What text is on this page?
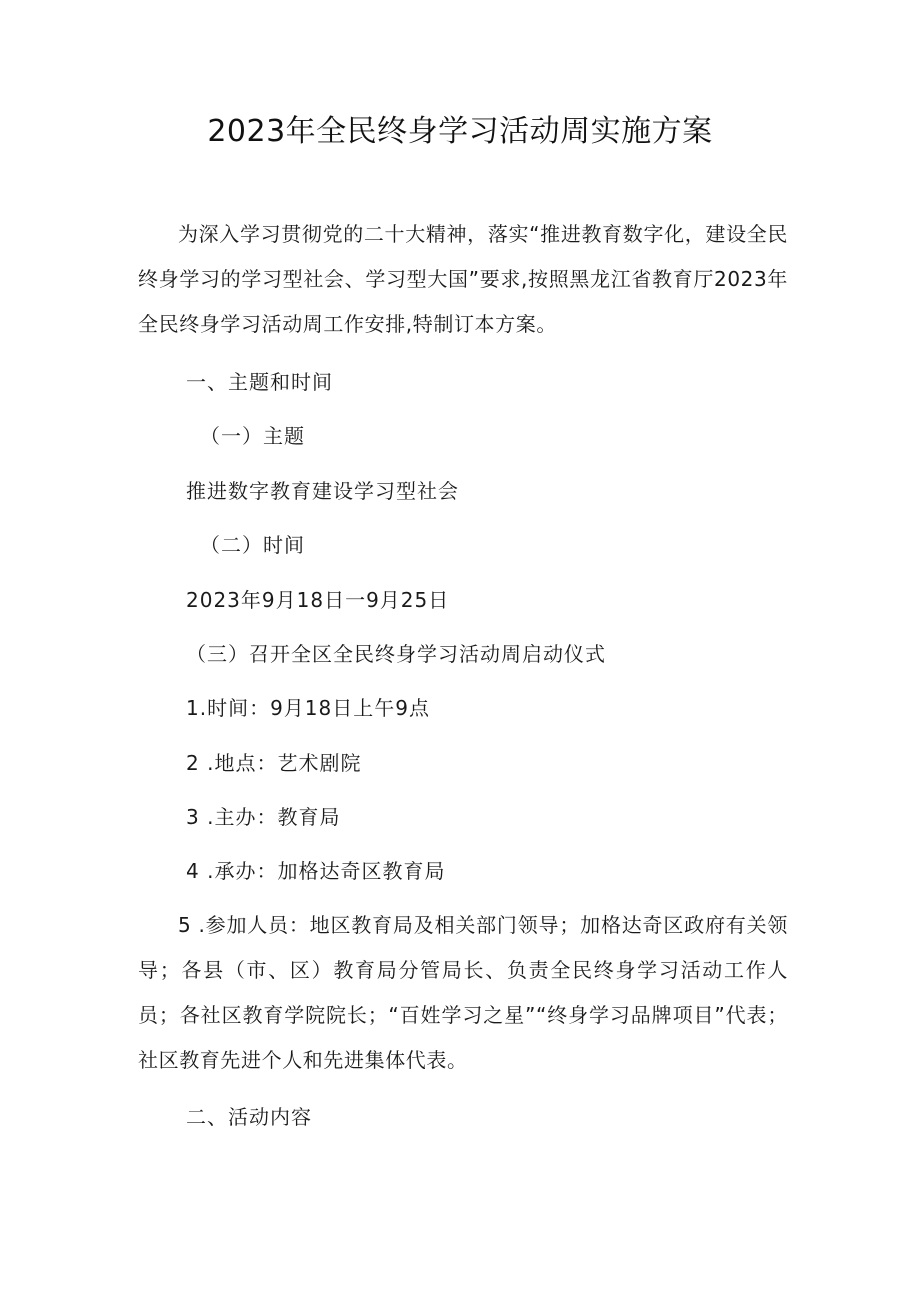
2023年全民终身学习活动周实施方案
为深入学习贯彻党的二十大精神，落实“推进教育数字化，建设全民终身学习的学习型社会、学习型大国”要求,按照黑龙江省教育厅2023年全民终身学习活动周工作安排,特制订本方案。
一、主题和时间
（一）主题
推进数字教育建设学习型社会
（二）时间
2023年9月18日一9月25日
（三）召开全区全民终身学习活动周启动仪式
1.时间：9月18日上午9点
2 .地点：艺术剧院
3 .主办：教育局
4 .承办：加格达奇区教育局
5 .参加人员：地区教育局及相关部门领导；加格达奇区政府有关领导；各县（市、区）教育局分管局长、负责全民终身学习活动工作人员；各社区教育学院院长；“百姓学习之星”“终身学习品牌项目”代表；社区教育先进个人和先进集体代表。
二、活动内容
